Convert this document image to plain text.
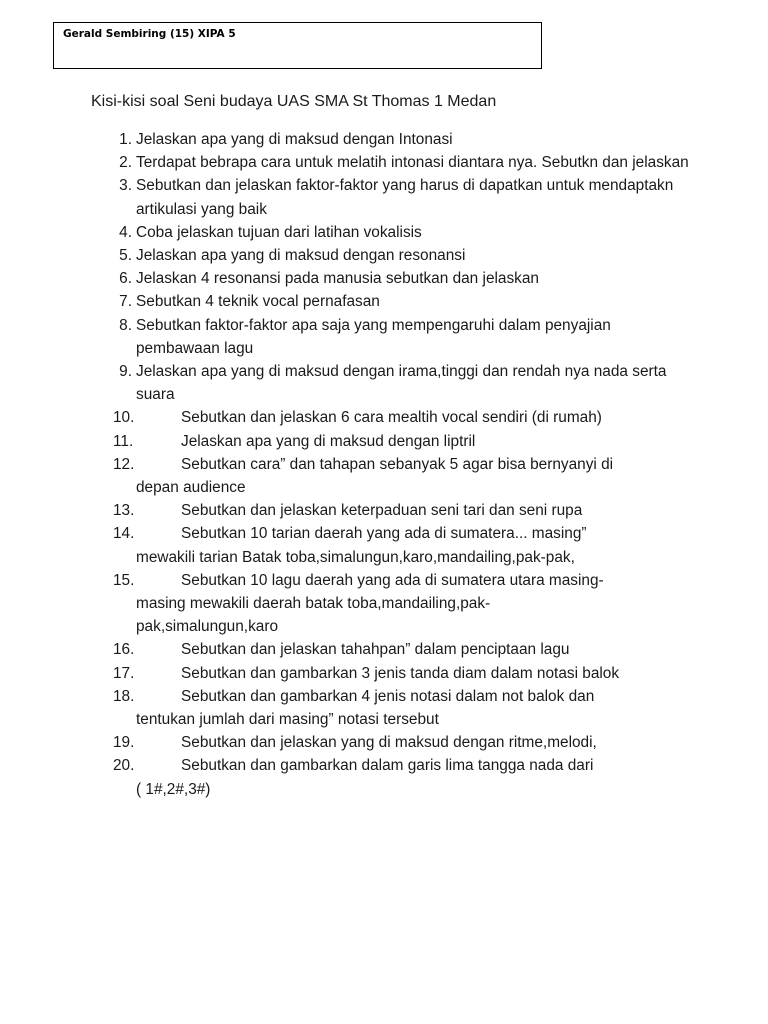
Gerald Sembiring (15) XIPA 5
Kisi-kisi soal Seni budaya UAS SMA St Thomas 1 Medan
1. Jelaskan apa yang di maksud dengan Intonasi
2. Terdapat bebrapa cara untuk melatih intonasi diantara nya. Sebutkn dan jelaskan
3. Sebutkan dan jelaskan faktor-faktor yang harus di dapatkan untuk mendaptakn artikulasi yang baik
4. Coba jelaskan tujuan dari latihan vokalisis
5. Jelaskan apa yang di maksud dengan resonansi
6. Jelaskan 4 resonansi pada manusia sebutkan dan jelaskan
7. Sebutkan 4 teknik vocal pernafasan
8. Sebutkan faktor-faktor apa saja yang mempengaruhi dalam penyajian pembawaan lagu
9. Jelaskan apa yang di maksud dengan irama,tinggi dan rendah nya nada serta suara
10.	Sebutkan dan jelaskan 6 cara mealtih vocal sendiri (di rumah)
11.	Jelaskan apa yang di maksud dengan liptril
12.	Sebutkan cara” dan tahapan sebanyak 5 agar bisa bernyanyi di
depan audience
13.	Sebutkan dan jelaskan keterpaduan seni tari dan seni rupa
14.	Sebutkan 10 tarian daerah yang ada di sumatera... masing”
mewakili tarian Batak toba,simalungun,karo,mandailing,pak-pak,
15.	Sebutkan 10 lagu daerah yang ada di sumatera utara masing-
masing mewakili daerah batak toba,mandailing,pak-
pak,simalungun,karo
16.	Sebutkan dan jelaskan tahahpan” dalam penciptaan lagu
17.	Sebutkan dan gambarkan 3 jenis tanda diam dalam notasi balok
18.	Sebutkan dan gambarkan 4 jenis notasi dalam not balok dan
tentukan jumlah dari masing” notasi tersebut
19.	Sebutkan dan jelaskan yang di maksud dengan ritme,melodi,
20.	Sebutkan dan gambarkan dalam garis lima tangga nada dari
( 1#,2#,3#)
